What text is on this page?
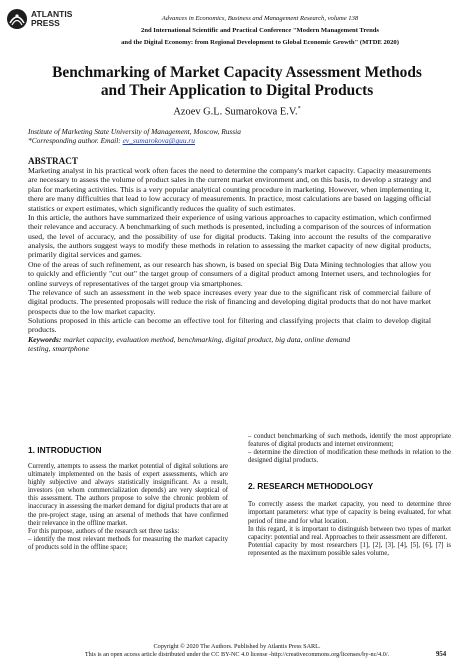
ATLANTIS
PRESS	Advances in Economics, Business and Management Research, volume 138
2nd International Scientific and Practical Conference "Modern Management Trends
and the Digital Economy: from Regional Development to Global Economic Growth" (MTDE 2020)
Benchmarking of Market Capacity Assessment Methods
and Their Application to Digital Products
Azoev G.L. Sumarokova E.V.*
Institute of Marketing State University of Management, Moscow, Russia
*Corresponding author. Email: ev_sumarokova@guu.ru
ABSTRACT

Marketing analyst in his practical work often faces the need to determine the company's market capacity. Capacity measurements are necessary to assess the volume of product sales in the current market environment and, on this basis, to develop a strategy and plan for marketing activities. This is a very popular analytical counting procedure in marketing. However, when implementing it, there are many difficulties that lead to low accuracy of measurements. In practice, most calculations are based on lagging official statistics or expert estimates, which significantly reduces the quality of such estimates.

In this article, the authors have summarized their experience of using various approaches to capacity estimation, which confirmed their relevance and accuracy. A benchmarking of such methods is presented, including a comparison of the sources of information used, the level of accuracy, and the possibility of use for digital products. Taking into account the results of the comparative analysis, the authors suggest ways to modify these methods in relation to assessing the market capacity of new digital products, primarily digital services and games.

One of the areas of such refinement, as our research has shown, is based on special Big Data Mining technologies that allow you to quickly and efficiently "cut out" the target group of consumers of a digital product among Internet users, and technologies for online surveys of representatives of the target group via smartphones.

The relevance of such an assessment in the web space increases every year due to the significant risk of commercial failure of digital products. The presented proposals will reduce the risk of financing and developing digital products that do not have market prospects due to the low market capacity.

Solutions proposed in this article can become an effective tool for filtering and classifying projects that claim to develop digital products.

Keywords: market capacity, evaluation method, benchmarking, digital product, big data, online demand

testing, smartphone

1. INTRODUCTION

Currently, attempts to assess the market potential of digital solutions are ultimately implemented on the basis of expert assessments, which are highly subjective and always statistically insignificant. As a result, investors (on whom commercialization depends) are very skeptical of this assessment. The authors propose to solve the chronic problem of inaccuracy in assessing the market demand for digital products that are at the pre-project stage, using an arsenal of methods that have confirmed their relevance in the offline market.

For this purpose, authors of the research set three tasks:

– identify the most relevant methods for measuring the market capacity of products sold in the offline space;

– conduct benchmarking of such methods, identify the most appropriate features of digital products and internet environment;

– determine the direction of modification these methods in relation to the designed digital products.

2. RESEARCH METHODOLOGY

To correctly assess the market capacity, you need to determine three important parameters: what type of capacity is being evaluated, for what period of time and for what location.

In this regard, it is important to distinguish between two types of market capacity: potential and real. Approaches to their assessment are different.

Potential capacity by most researchers [1], [2], [3], [4], [5], [6], [7] is represented as the maximum possible sales volume,

Copyright © 2020 The Authors. Published by Atlantis Press SARL.
This is an open access article distributed under the CC BY-NC 4.0 license -http://creativecommons.org/licenses/by-nc/4.0/.	954
